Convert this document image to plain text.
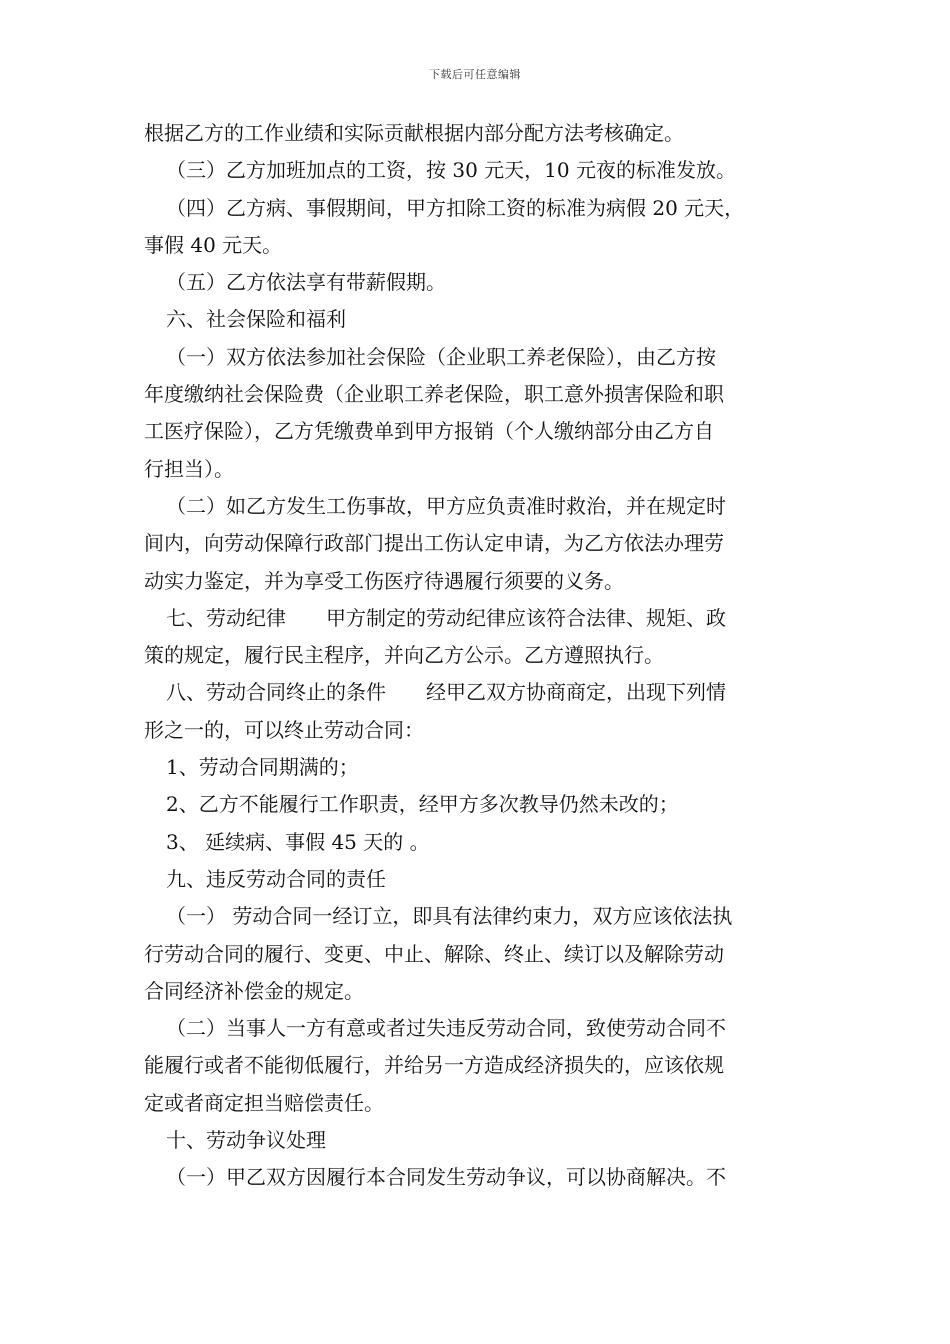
下载后可任意编辑
根据乙方的工作业绩和实际贡献根据内部分配方法考核确定。
（三）乙方加班加点的工资，按 30 元天，10 元夜的标准发放。
（四）乙方病、事假期间，甲方扣除工资的标准为病假 20 元天，
事假 40 元天。
（五）乙方依法享有带薪假期。
六、社会保险和福利
（一）双方依法参加社会保险（企业职工养老保险），由乙方按
年度缴纳社会保险费（企业职工养老保险，职工意外损害保险和职
工医疗保险），乙方凭缴费单到甲方报销（个人缴纳部分由乙方自
行担当）。
（二）如乙方发生工伤事故，甲方应负责准时救治，并在规定时
间内，向劳动保障行政部门提出工伤认定申请，为乙方依法办理劳
动实力鉴定，并为享受工伤医疗待遇履行须要的义务。
七、劳动纪律　　甲方制定的劳动纪律应该符合法律、规矩、政
策的规定，履行民主程序，并向乙方公示。乙方遵照执行。
八、劳动合同终止的条件　　经甲乙双方协商商定，出现下列情
形之一的，可以终止劳动合同：
1、劳动合同期满的；
2、乙方不能履行工作职责，经甲方多次教导仍然未改的；
3、 延续病、事假 45 天的 。
九、违反劳动合同的责任
（一） 劳动合同一经订立，即具有法律约束力，双方应该依法执
行劳动合同的履行、变更、中止、解除、终止、续订以及解除劳动
合同经济补偿金的规定。
（二）当事人一方有意或者过失违反劳动合同，致使劳动合同不
能履行或者不能彻低履行，并给另一方造成经济损失的，应该依规
定或者商定担当赔偿责任。
十、劳动争议处理
（一）甲乙双方因履行本合同发生劳动争议，可以协商解决。不
